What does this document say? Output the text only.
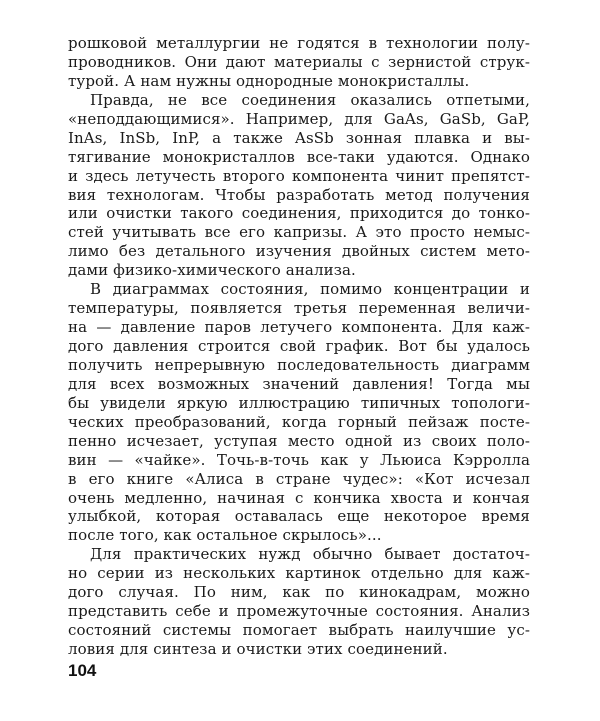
рошковой металлургии не годятся в технологии полу-
проводников. Они дают материалы с зернистой струк-
турой. А нам нужны однородные монокристаллы.
Правда, не все соединения оказались отпетыми,
«неподдающимися». Например, для GaAs, GaSb, GaP,
InAs, InSb, InP, а также AsSb зонная плавка и вы-
тягивание монокристаллов все-таки удаются. Однако
и здесь летучесть второго компонента чинит препятст-
вия технологам. Чтобы разработать метод получения
или очистки такого соединения, приходится до тонко-
стей учитывать все его капризы. А это просто немыс-
лимо без детального изучения двойных систем мето-
дами физико-химического анализа.
В диаграммах состояния, помимо концентрации и
температуры, появляется третья переменная величи-
на — давление паров летучего компонента. Для каж-
дого давления строится свой график. Вот бы удалось
получить непрерывную последовательность диаграмм
для всех возможных значений давления! Тогда мы
бы увидели яркую иллюстрацию типичных топологи-
ческих преобразований, когда горный пейзаж посте-
пенно исчезает, уступая место одной из своих поло-
вин — «чайке». Точь-в-точь как у Льюиса Кэрролла
в его книге «Алиса в стране чудес»: «Кот исчезал
очень медленно, начиная с кончика хвоста и кончая
улыбкой, которая оставалась еще некоторое время
после того, как остальное скрылось»...
Для практических нужд обычно бывает достаточ-
но серии из нескольких картинок отдельно для каж-
дого случая. По ним, как по кинокадрам, можно
представить себе и промежуточные состояния. Анализ
состояний системы помогает выбрать наилучшие ус-
ловия для синтеза и очистки этих соединений.
104
